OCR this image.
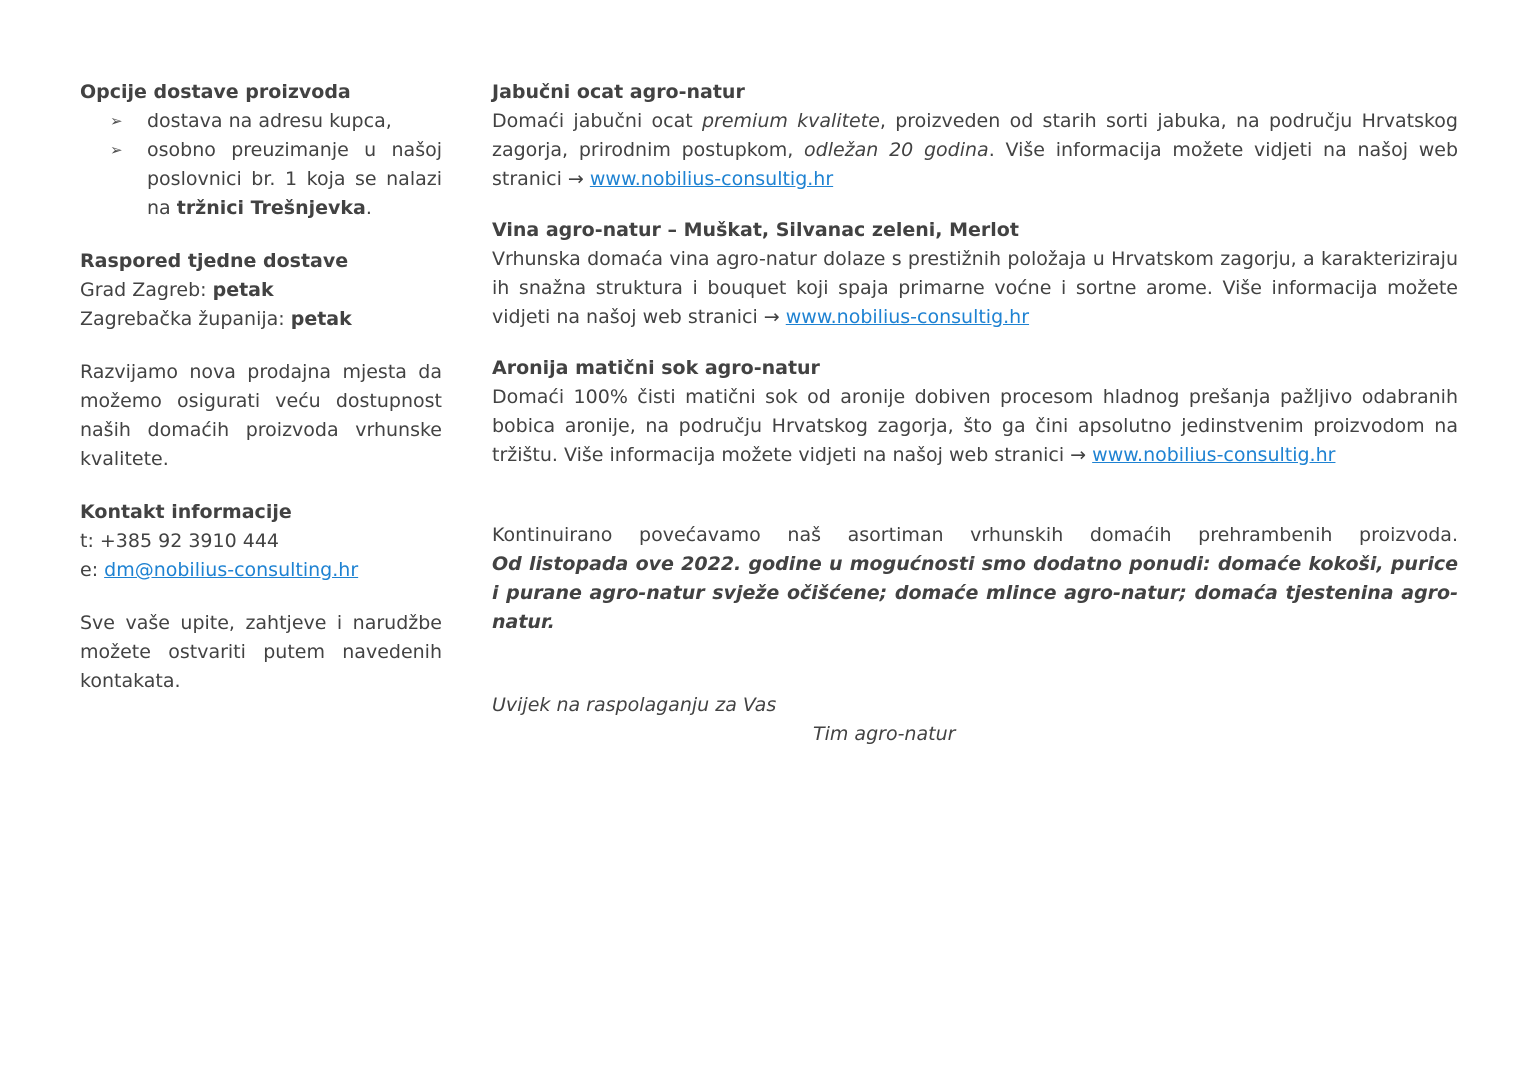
Opcije dostave proizvoda
➢ dostava na adresu kupca,
➢ osobno preuzimanje u našoj poslovnici br. 1 koja se nalazi na tržnici Trešnjevka.
Raspored tjedne dostave
Grad Zagreb: petak
Zagrebačka županija: petak

Razvijamo nova prodajna mjesta da možemo osigurati veću dostupnost naših domaćih proizvoda vrhunske kvalitete.

Kontakt informacije
t: +385 92 3910 444
e: dm@nobilius-consulting.hr

Sve vaše upite, zahtjeve i narudžbe možete ostvariti putem navedenih kontakata.

Jabučni ocat agro-natur

Domaći jabučni ocat premium kvalitete, proizveden od starih sorti jabuka, na području Hrvatskog zagorja, prirodnim postupkom, odležan 20 godina. Više informacija možete vidjeti na našoj web stranici → www.nobilius-consultig.hr

Vina agro-natur – Muškat, Silvanac zeleni, Merlot

Vrhunska domaća vina agro-natur dolaze s prestižnih položaja u Hrvatskom zagorju, a karakteriziraju ih snažna struktura i bouquet koji spaja primarne voćne i sortne arome. Više informacija možete vidjeti na našoj web stranici → www.nobilius-consultig.hr

Aronija matični sok agro-natur

Domaći 100% čisti matični sok od aronije dobiven procesom hladnog prešanja pažljivo odabranih bobica aronije, na području Hrvatskog zagorja, što ga čini apsolutno jedinstvenim proizvodom na tržištu. Više informacija možete vidjeti na našoj web stranici → www.nobilius-consultig.hr

Kontinuirano povećavamo naš asortiman vrhunskih domaćih prehrambenih proizvoda.

Od listopada ove 2022. godine u mogućnosti smo dodatno ponudi: domaće kokoši, purice i purane agro-natur svježe očišćene; domaće mlince agro-natur; domaća tjestenina agro-natur.

Uvijek na raspolaganju za Vas
Tim agro-natur
